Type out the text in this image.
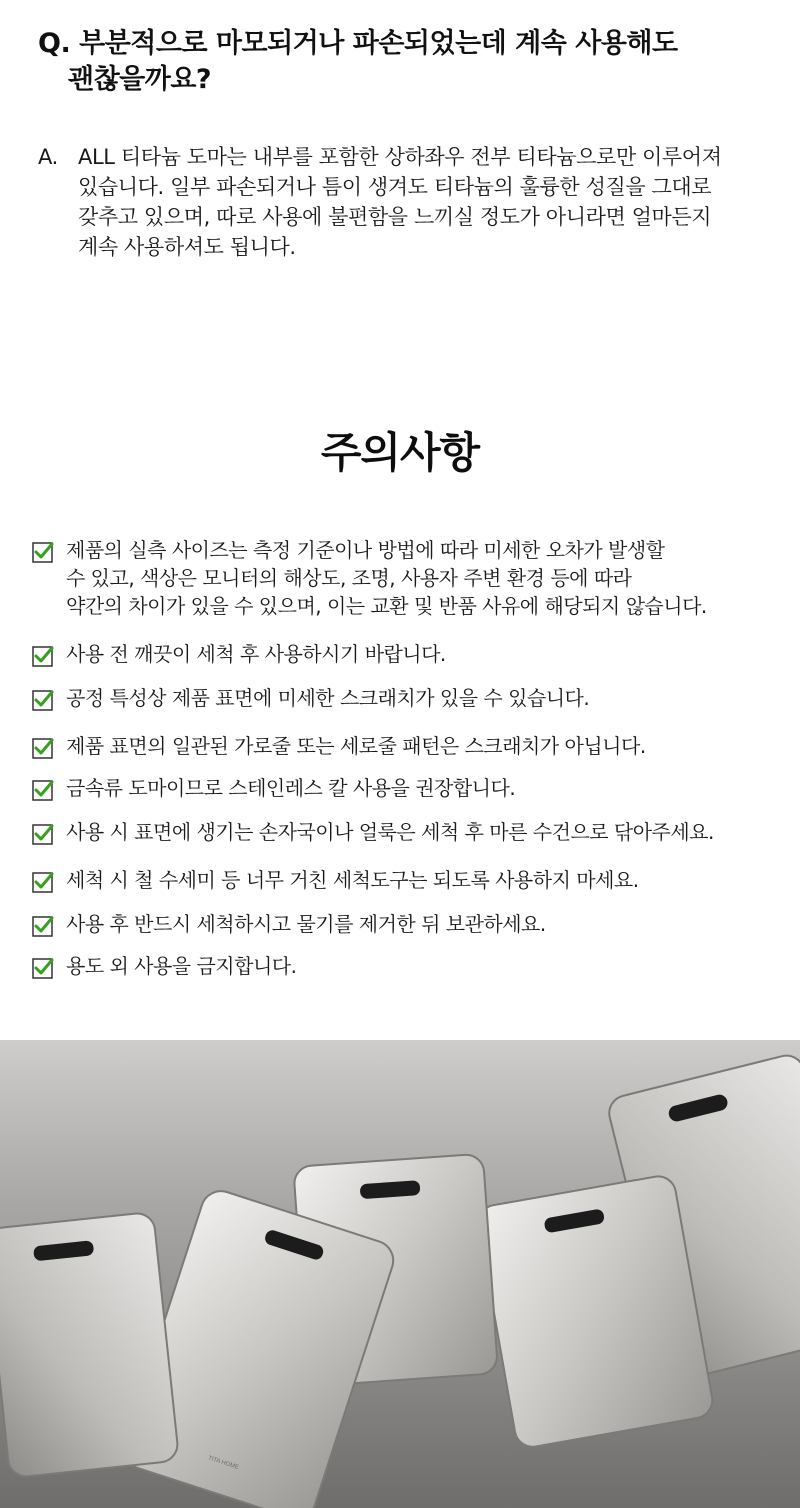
Q. 부분적으로 마모되거나 파손되었는데 계속 사용해도
괜찮을까요?
A. ALL 티타늄 도마는 내부를 포함한 상하좌우 전부 티타늄으로만 이루어져
있습니다. 일부 파손되거나 틈이 생겨도 티타늄의 훌륭한 성질을 그대로
갖추고 있으며, 따로 사용에 불편함을 느끼실 정도가 아니라면 얼마든지
계속 사용하셔도 됩니다.
주의사항
제품의 실측 사이즈는 측정 기준이나 방법에 따라 미세한 오차가 발생할
수 있고, 색상은 모니터의 해상도, 조명, 사용자 주변 환경 등에 따라
약간의 차이가 있을 수 있으며, 이는 교환 및 반품 사유에 해당되지 않습니다.
사용 전 깨끗이 세척 후 사용하시기 바랍니다.
공정 특성상 제품 표면에 미세한 스크래치가 있을 수 있습니다.
제품 표면의 일관된 가로줄 또는 세로줄 패턴은 스크래치가 아닙니다.
금속류 도마이므로 스테인레스 칼 사용을 권장합니다.
사용 시 표면에 생기는 손자국이나 얼룩은 세척 후 마른 수건으로 닦아주세요.
세척 시 철 수세미 등 너무 거친 세척도구는 되도록 사용하지 마세요.
사용 후 반드시 세척하시고 물기를 제거한 뒤 보관하세요.
용도 외 사용을 금지합니다.
TITA HOME
